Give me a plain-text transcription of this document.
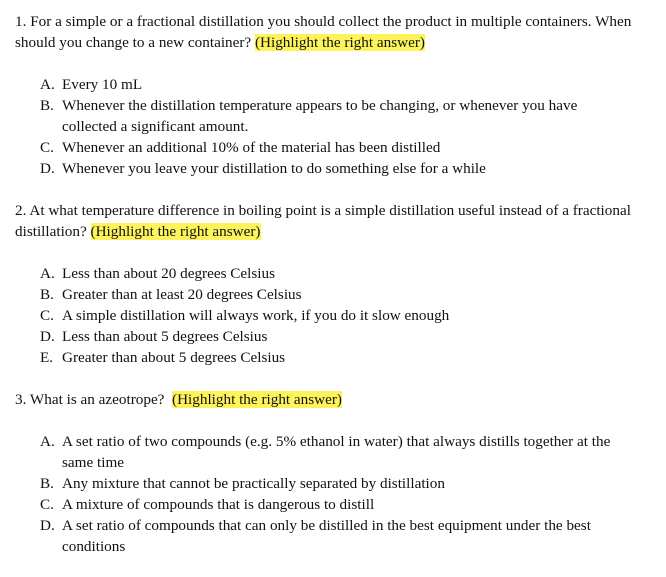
1. For a simple or a fractional distillation you should collect the product in multiple containers. When should you change to a new container? (Highlight the right answer)

A. Every 10 mL
B. Whenever the distillation temperature appears to be changing, or whenever you have collected a significant amount.
C. Whenever an additional 10% of the material has been distilled
D. Whenever you leave your distillation to do something else for a while

2. At what temperature difference in boiling point is a simple distillation useful instead of a fractional distillation? (Highlight the right answer)

A. Less than about 20 degrees Celsius
B. Greater than at least 20 degrees Celsius
C. A simple distillation will always work, if you do it slow enough
D. Less than about 5 degrees Celsius
E. Greater than about 5 degrees Celsius

3. What is an azeotrope? (Highlight the right answer)

A. A set ratio of two compounds (e.g. 5% ethanol in water) that always distills together at the same time
B. Any mixture that cannot be practically separated by distillation
C. A mixture of compounds that is dangerous to distill
D. A set ratio of compounds that can only be distilled in the best equipment under the best conditions
